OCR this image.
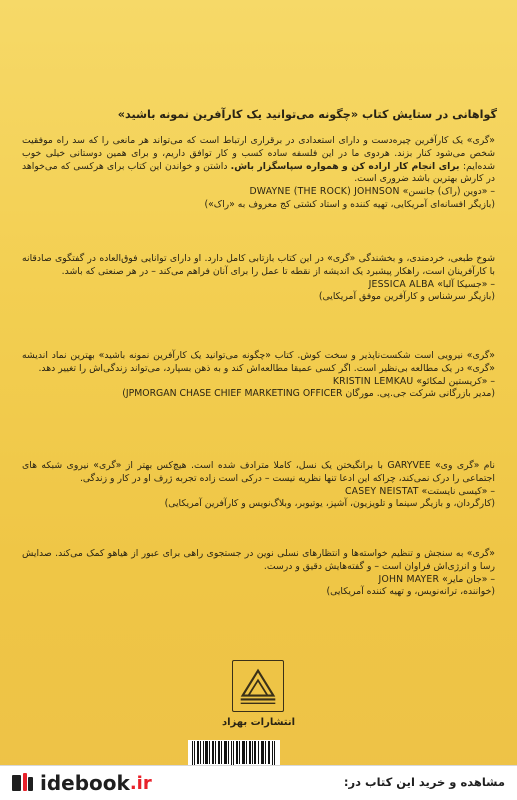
گواهانی در ستایش کتاب «چگونه می‌توانید یک کارآفرین نمونه باشید»
«گری» یک کارآفرین چیره‌دست و دارای استعدادی در برقراری ارتباط است که می‌تواند هر مانعی را که سد راه موفقیت شخص می‌شود کنار بزند. هردوی ما در این فلسفه ساده کسب و کار توافق داریم، و برای همین دوستانی خیلی خوب شده‌ایم: برای انجام کار اراده کن و همواره سپاسگزار باش. داشتن و خواندن این کتاب برای هرکسی که می‌خواهد در کارش بهترین باشد ضروری است.
– «دوین (راک) جانسن» DWAYNE (THE ROCK) JOHNSON
(بازیگر افسانه‌ای آمریکایی، تهیه کننده و استاد کشتی کج معروف به «راک»)
شوخ طبعی، خردمندی، و بخشندگی «گری» در این کتاب بازتابی کامل دارد. او دارای توانایی فوق‌العاده در گفتگوی صادقانه با کارآفرینان است، راهکار پیشبرد یک اندیشه از نقطه تا عمل را برای آنان فراهم می‌کند – در هر صنعتی که باشد.
– «جسیکا آلبا» JESSICA ALBA
(بازیگر سرشناس و کارآفرین موفق آمریکایی)
«گری» نیرویی است شکست‌ناپذیر و سخت کوش. کتاب «چگونه می‌توانید یک کارآفرین نمونه باشید» بهترین نماد اندیشه «گری» در یک مطالعه بی‌نظیر است. اگر کسی عمیقا مطالعه‌اش کند و به ذهن بسپارد، می‌تواند زندگی‌اش را تغییر دهد.
– «کریستین لمکائو» KRISTIN LEMKAU
(مدیر بازرگانی شرکت جی.پی. مورگان JPMORGAN CHASE CHIEF MARKETING OFFICER)
نام «گری وی» GARYVEE با برانگیختن یک نسل، کاملا مترادف شده است. هیچ‌کس بهتر از «گری» نیروی شبکه های اجتماعی را درک نمی‌کند، چراکه این ادعا تنها نظریه نیست – درکی است زاده تجربه ژرف او در کار و زندگی.
– «کیسی نایستت» CASEY NEISTAT
(کارگردان، و بازیگر سینما و تلویزیون، آشپز، یوتیوبر، وبلاگ‌نویس و کارآفرین آمریکایی)
«گری» به سنجش و تنظیم خواسته‌ها و انتظارهای نسلی نوین در جستجوی راهی برای عبور از هیاهو کمک می‌کند. صدایش رسا و انرژی‌اش فراوان است – و گفته‌هایش دقیق و درست.
– «جان مایر» JOHN MAYER
(خواننده، ترانه‌نویس، و تهیه کننده آمریکایی)
انتشارات بهزاد
idebook .ir	مشاهده و خرید این کتاب در:
